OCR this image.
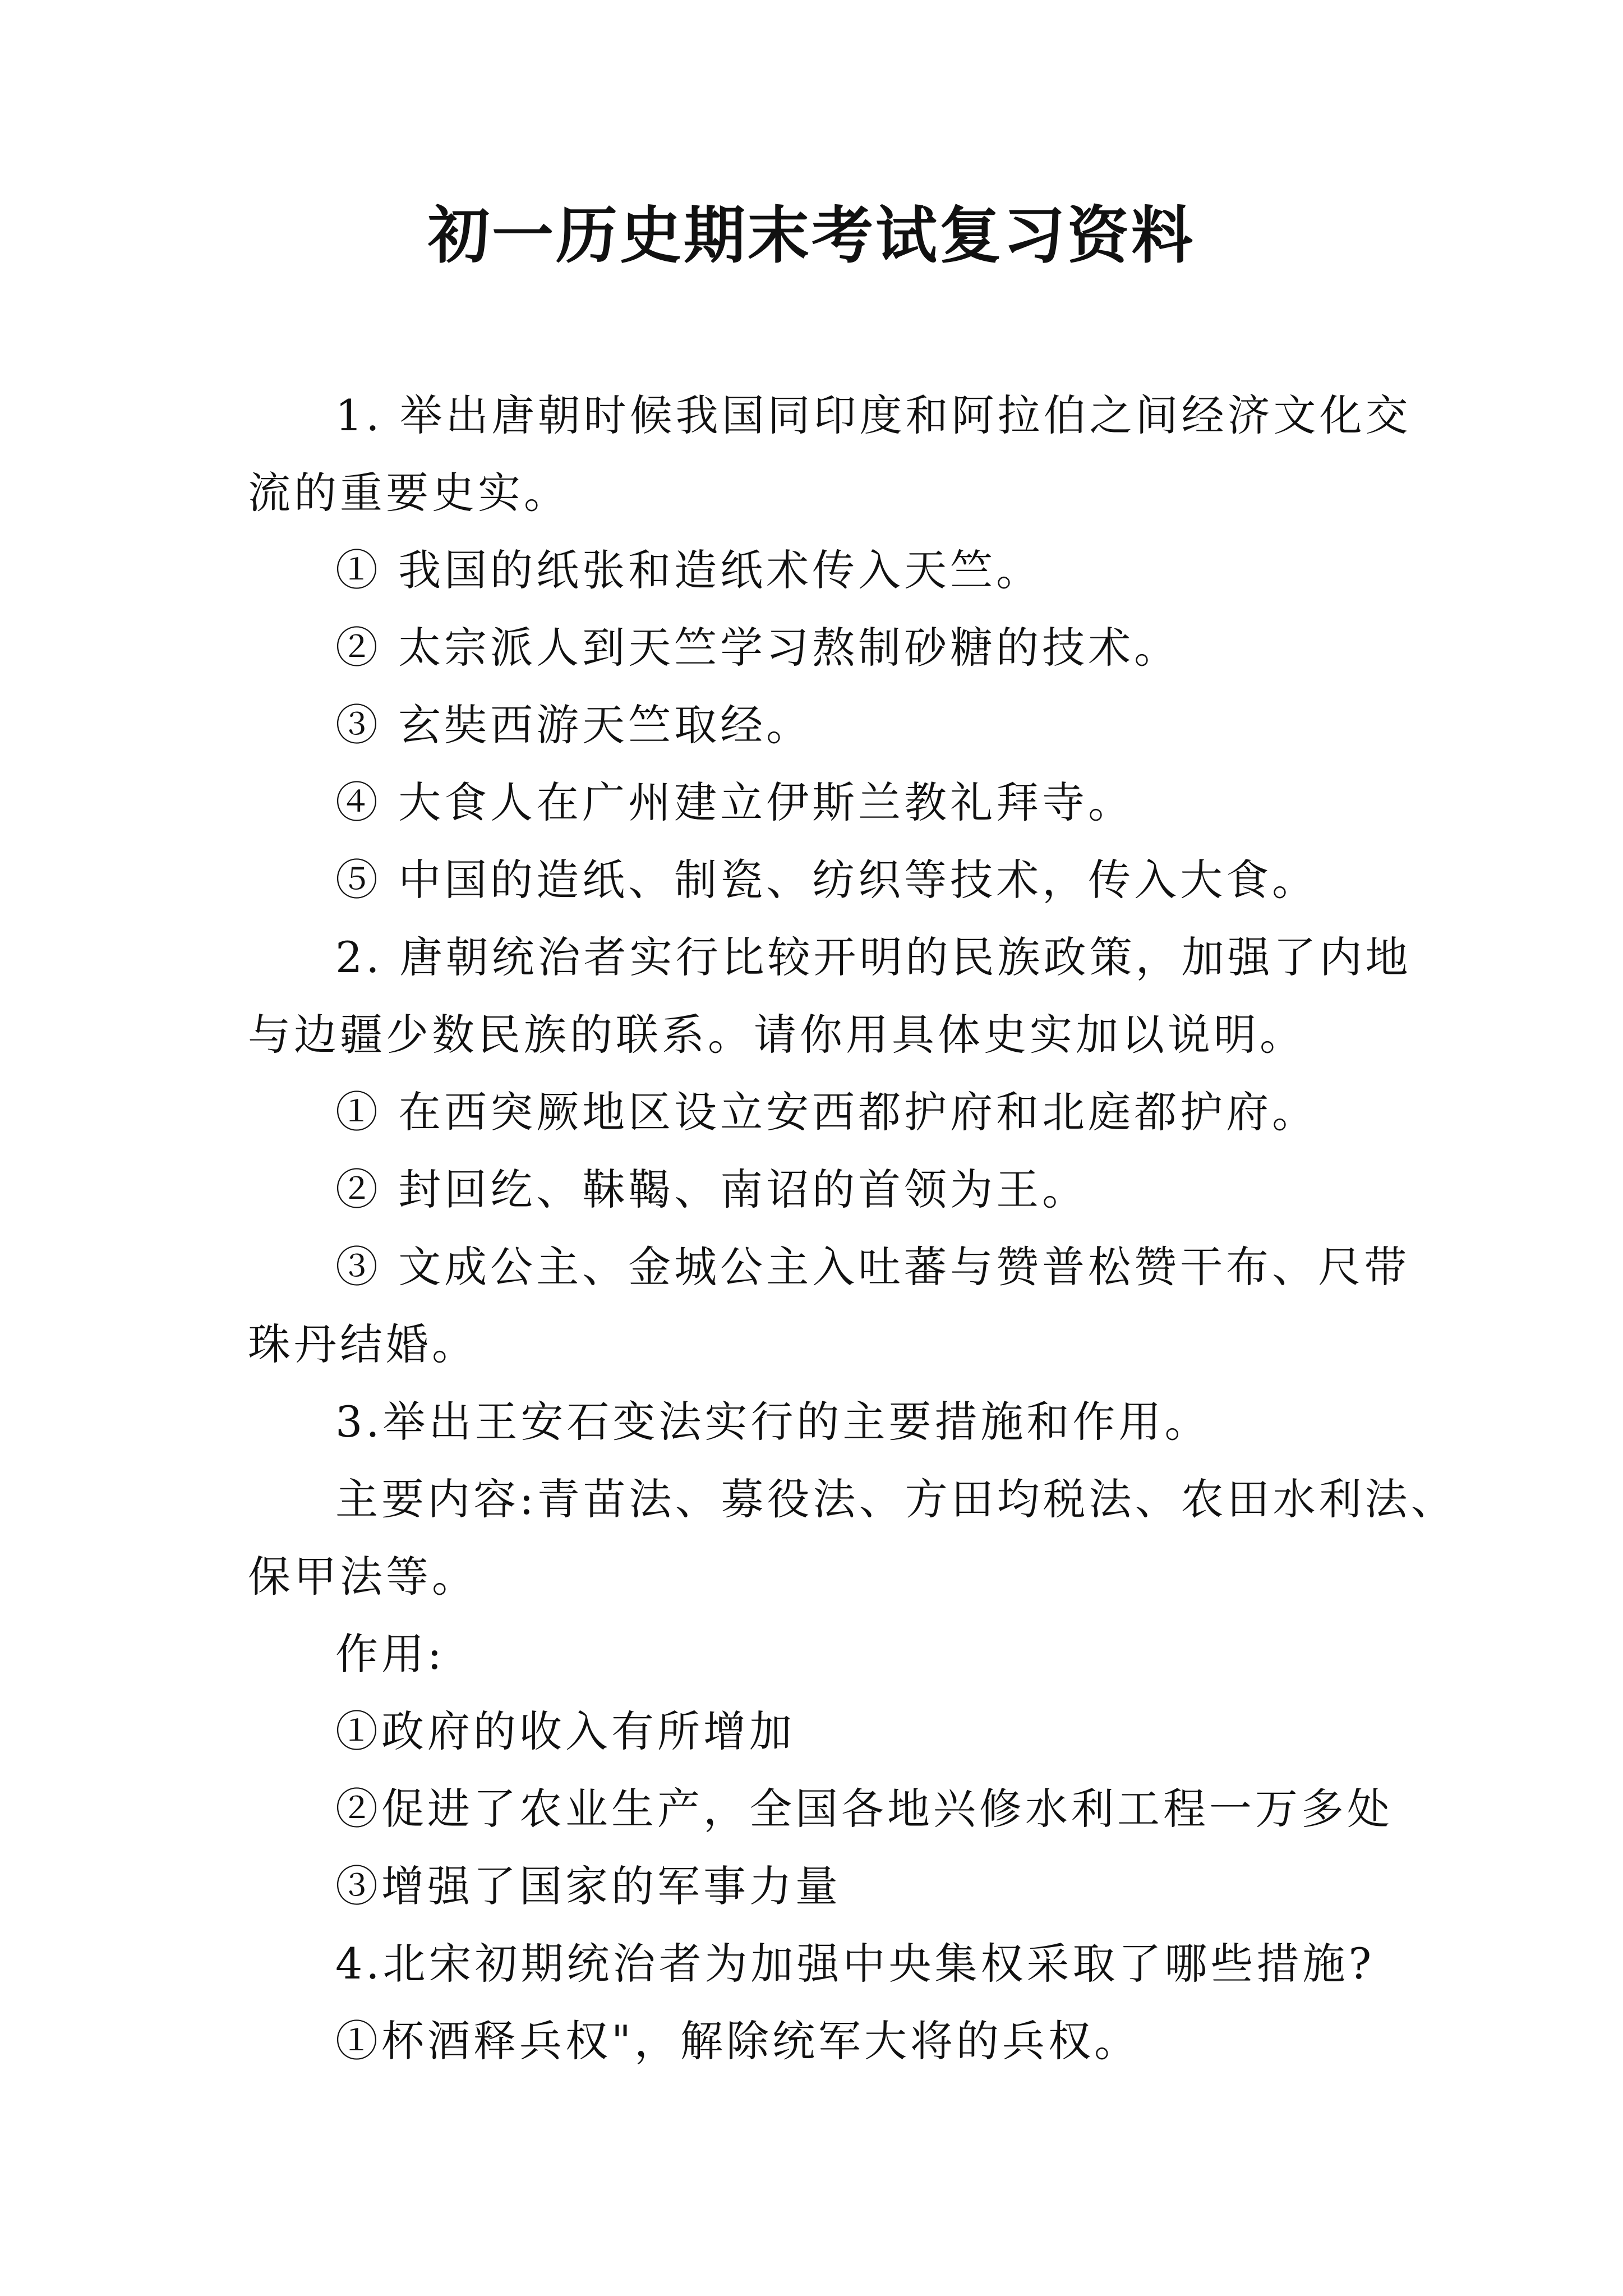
初一历史期末考试复习资料

1. 举出唐朝时候我国同印度和阿拉伯之间经济文化交

流的重要史实。

① 我国的纸张和造纸术传入天竺。

② 太宗派人到天竺学习熬制砂糖的技术。

③ 玄奘西游天竺取经。

④ 大食人在广州建立伊斯兰教礼拜寺。

⑤ 中国的造纸、制瓷、纺织等技术，传入大食。

2. 唐朝统治者实行比较开明的民族政策，加强了内地

与边疆少数民族的联系。请你用具体史实加以说明。

① 在西突厥地区设立安西都护府和北庭都护府。

② 封回纥、靺鞨、南诏的首领为王。

③ 文成公主、金城公主入吐蕃与赞普松赞干布、尺带

珠丹结婚。

3.举出王安石变法实行的主要措施和作用。

主要内容:青苗法、募役法、方田均税法、农田水利法、

保甲法等。

作用:

①政府的收入有所增加

②促进了农业生产，全国各地兴修水利工程一万多处

③增强了国家的军事力量

4.北宋初期统治者为加强中央集权采取了哪些措施?

①杯酒释兵权"，解除统军大将的兵权。
